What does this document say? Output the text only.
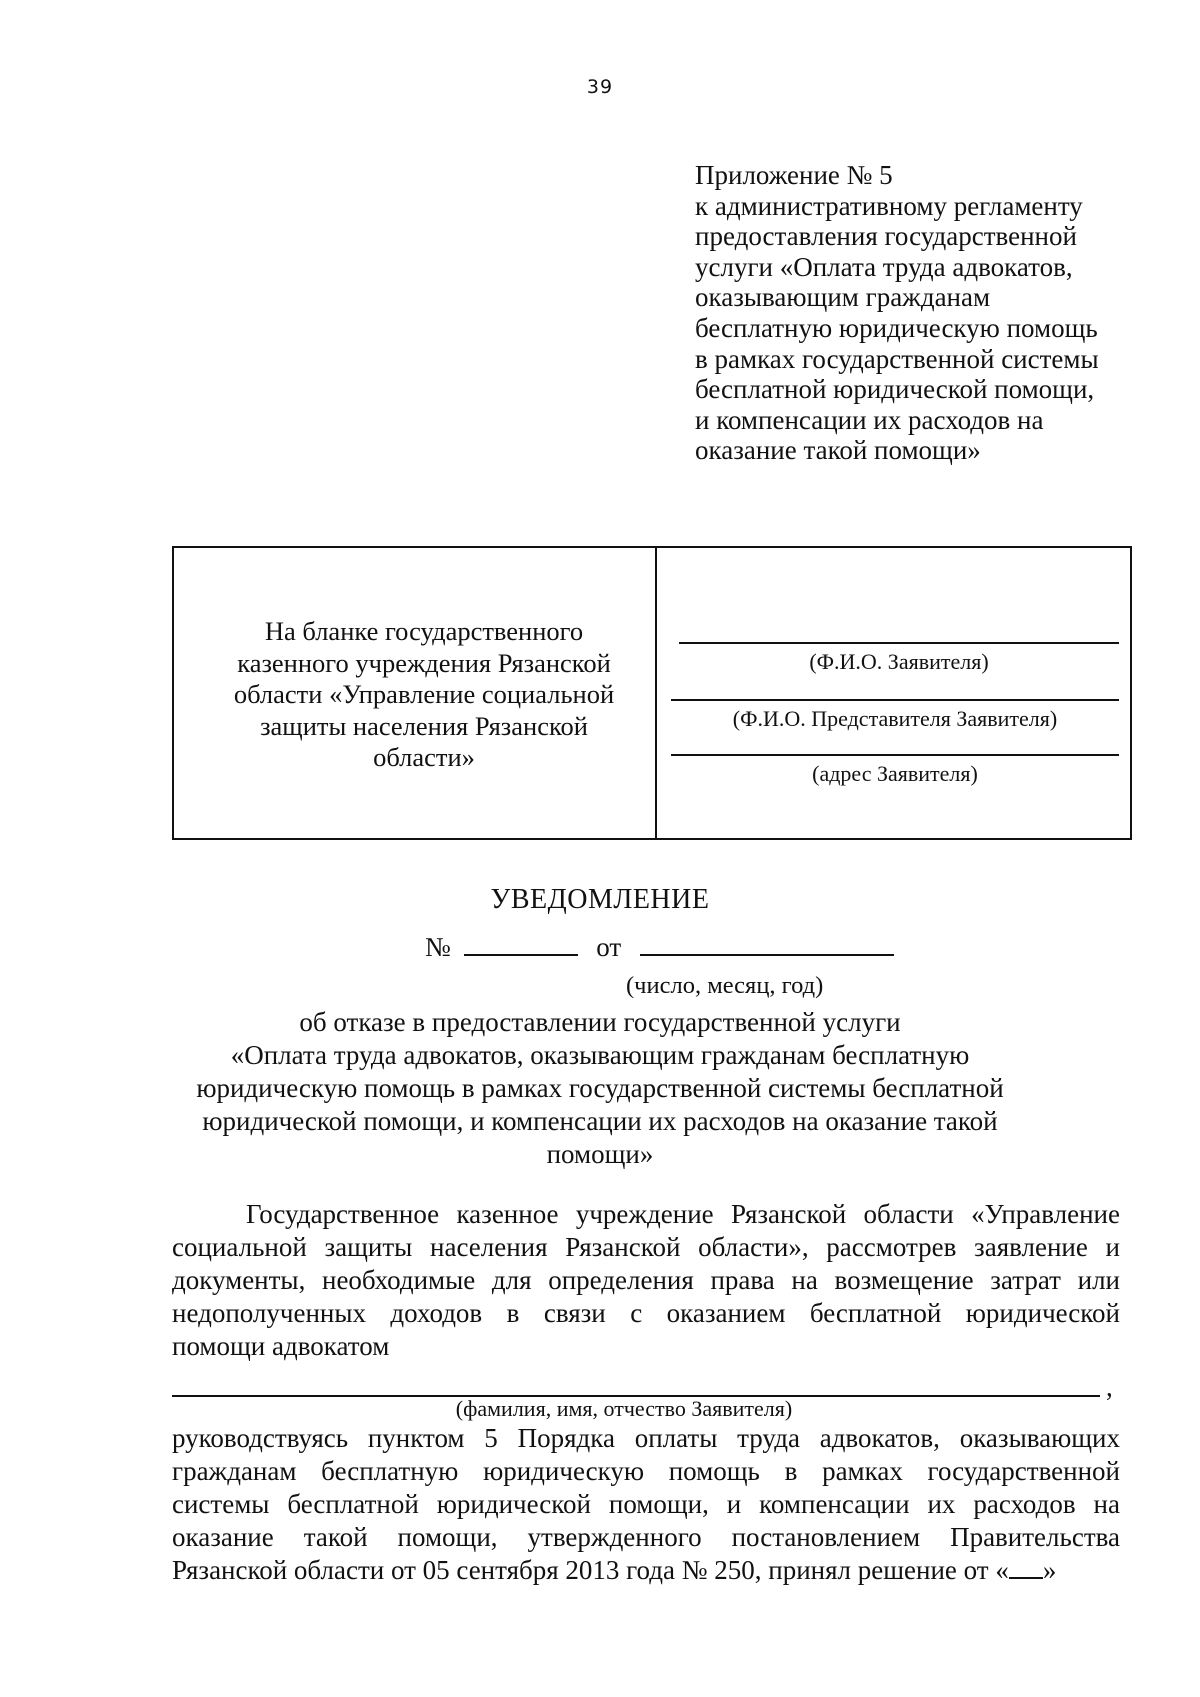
39
Приложение № 5
к административному регламенту
предоставления государственной
услуги «Оплата труда адвокатов,
оказывающим гражданам
бесплатную юридическую помощь
в рамках государственной системы
бесплатной юридической помощи,
и компенсации их расходов на
оказание такой помощи»
На бланке государственного
казенного учреждения Рязанской
области «Управление социальной
защиты населения Рязанской
области»
(Ф.И.О. Заявителя)
(Ф.И.О. Представителя Заявителя)
(адрес Заявителя)
УВЕДОМЛЕНИЕ
№	от
(число, месяц, год)
об отказе в предоставлении государственной услуги
«Оплата труда адвокатов, оказывающим гражданам бесплатную
юридическую помощь в рамках государственной системы бесплатной
юридической помощи, и компенсации их расходов на оказание такой
помощи»
Государственное казенное учреждение Рязанской области «Управление
социальной защиты населения Рязанской области», рассмотрев заявление и
документы, необходимые для определения права на возмещение затрат или
недополученных доходов в связи с оказанием бесплатной юридической
помощи адвокатом
,
(фамилия, имя, отчество Заявителя)
руководствуясь пунктом 5 Порядка оплаты труда адвокатов, оказывающих
гражданам бесплатную юридическую помощь в рамках государственной
системы бесплатной юридической помощи, и компенсации их расходов на
оказание такой помощи, утвержденного постановлением Правительства
Рязанской области от 05 сентября 2013 года № 250, принял решение от « »
